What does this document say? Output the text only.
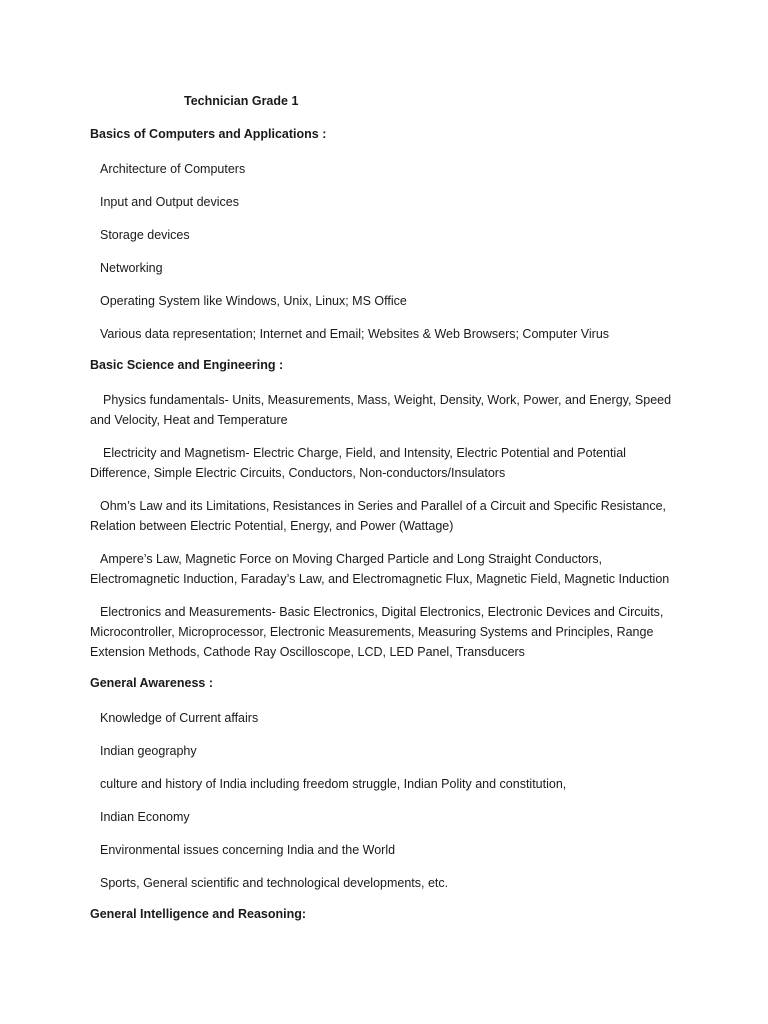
Technician Grade 1
Basics of Computers and Applications :
Architecture of Computers
Input and Output devices
Storage devices
Networking
Operating System like Windows, Unix, Linux; MS Office
Various data representation; Internet and Email; Websites & Web Browsers; Computer Virus
Basic Science and Engineering :
Physics fundamentals- Units, Measurements, Mass, Weight, Density, Work, Power, and Energy, Speed and Velocity, Heat and Temperature
Electricity and Magnetism- Electric Charge, Field, and Intensity, Electric Potential and Potential Difference, Simple Electric Circuits, Conductors, Non-conductors/Insulators
Ohm’s Law and its Limitations, Resistances in Series and Parallel of a Circuit and Specific Resistance, Relation between Electric Potential, Energy, and Power (Wattage)
Ampere’s Law, Magnetic Force on Moving Charged Particle and Long Straight Conductors, Electromagnetic Induction, Faraday’s Law, and Electromagnetic Flux, Magnetic Field, Magnetic Induction
Electronics and Measurements- Basic Electronics, Digital Electronics, Electronic Devices and Circuits, Microcontroller, Microprocessor, Electronic Measurements, Measuring Systems and Principles, Range Extension Methods, Cathode Ray Oscilloscope, LCD, LED Panel, Transducers
General Awareness :
Knowledge of Current affairs
Indian geography
culture and history of India including freedom struggle, Indian Polity and constitution,
Indian Economy
Environmental issues concerning India and the World
Sports, General scientific and technological developments, etc.
General Intelligence and Reasoning:
